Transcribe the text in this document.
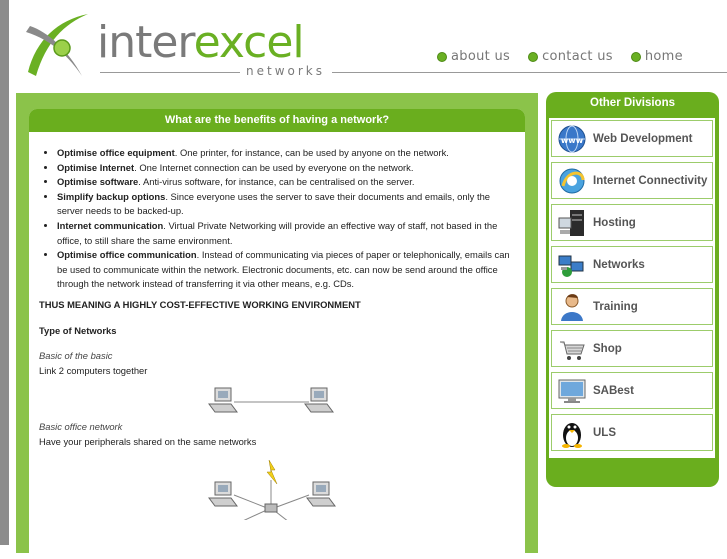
interexcel
networks
about us contact us home
What are the benefits of having a network?
• Optimise office equipment. One printer, for instance, can be used by anyone on the network.
• Optimise Internet. One Internet connection can be used by everyone on the network.
• Optimise software. Anti-virus software, for instance, can be centralised on the server.
• Simplify backup options. Since everyone uses the server to save their documents and emails, only the server needs to be backed-up.
• Internet communication. Virtual Private Networking will provide an effective way of staff, not based in the office, to still share the same environment.
• Optimise office communication. Instead of communicating via pieces of paper or telephonically, emails can be used to communicate within the network. Electronic documents, etc. can now be send around the office through the network instead of transferring it via other means, e.g. CDs.
THUS MEANING A HIGHLY COST-EFFECTIVE WORKING ENVIRONMENT
Type of Networks
Basic of the basic
Link 2 computers together
Basic office network
Have your peripherals shared on the same networks
Other Divisions
www Web Development
Internet Connectivity
Hosting
Networks
Training
Shop
SABest
ULS
